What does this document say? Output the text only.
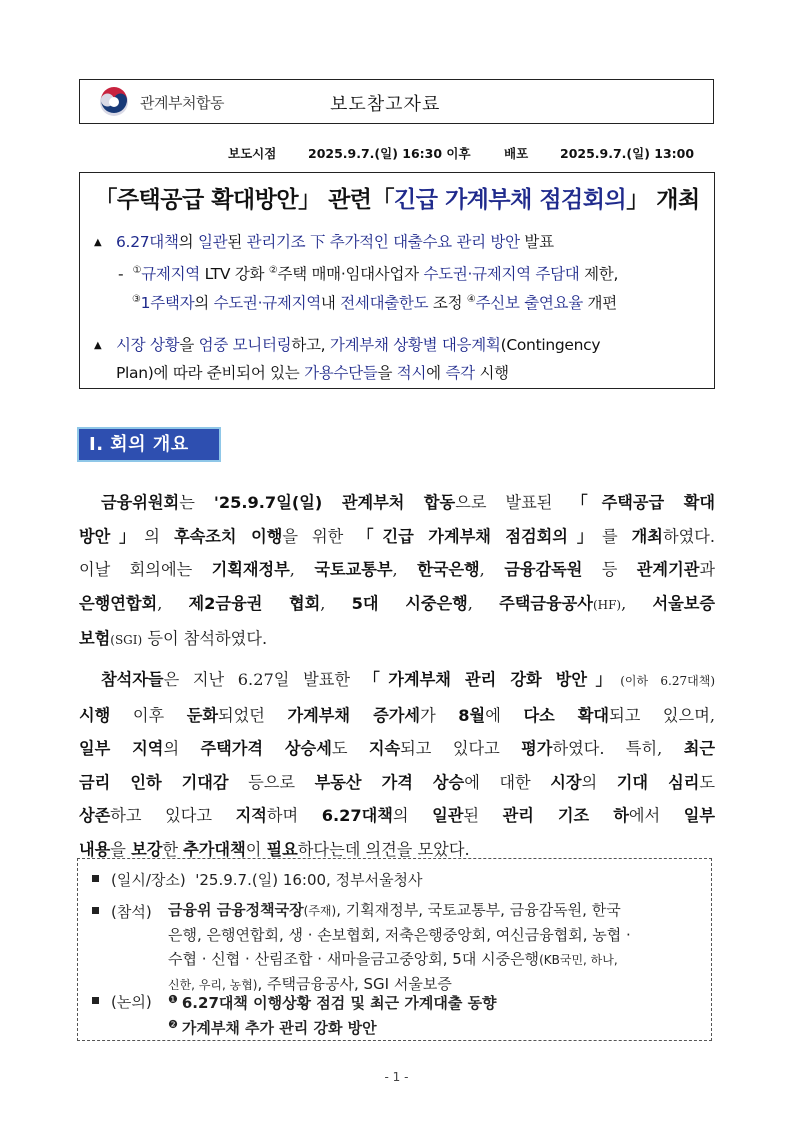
관계부처합동	보도참고자료
보도시점	2025.9.7.(일) 16:30 이후	배포	2025.9.7.(일) 13:00
「주택공급 확대방안」 관련「긴급 가계부채 점검회의」 개최
▲ 6.27대책의 일관된 관리기조 下 추가적인 대출수요 관리 방안 발표
- ①규제지역 LTV 강화 ②주택 매매·임대사업자 수도권·규제지역 주담대 제한,
③1주택자의 수도권·규제지역내 전세대출한도 조정 ④주신보 출연요율 개편
▲ 시장 상황을 엄중 모니터링하고, 가계부채 상황별 대응계획(Contingency
Plan)에 따라 준비되어 있는 가용수단들을 적시에 즉각 시행
Ⅰ. 회의 개요
금융위원회는 '25.9.7일(일) 관계부처 합동으로 발표된 「주택공급 확대
방안」의 후속조치 이행을 위한 「긴급 가계부채 점검회의」를 개최하였다.
이날 회의에는 기획재정부, 국토교통부, 한국은행, 금융감독원 등 관계기관과
은행연합회, 제2금융권 협회, 5대 시중은행, 주택금융공사(HF), 서울보증
보험(SGI) 등이 참석하였다.
참석자들은 지난 6.27일 발표한 「가계부채 관리 강화 방안」(이하 6.27대책)
시행 이후 둔화되었던 가계부채 증가세가 8월에 다소 확대되고 있으며,
일부 지역의 주택가격 상승세도 지속되고 있다고 평가하였다. 특히, 최근
금리 인하 기대감 등으로 부동산 가격 상승에 대한 시장의 기대 심리도
상존하고 있다고 지적하며 6.27대책의 일관된 관리 기조 하에서 일부
내용을 보강한 추가대책이 필요하다는데 의견을 모았다.
(일시/장소) '25.9.7.(일) 16:00, 정부서울청사
(참석) 금융위 금융정책국장(주재), 기획재정부, 국토교통부, 금융감독원, 한국
은행, 은행연합회, 생 · 손보협회, 저축은행중앙회, 여신금융협회, 농협 ·
수협 · 신협 · 산림조합 · 새마을금고중앙회, 5대 시중은행(KB국민, 하나,
신한, 우리, 농협), 주택금융공사, SGI 서울보증
(논의) $^❶$ 6.27대책 이행상황 점검 및 최근 가계대출 동향
$^❷$ 가계부채 추가 관리 강화 방안
- 1 -
